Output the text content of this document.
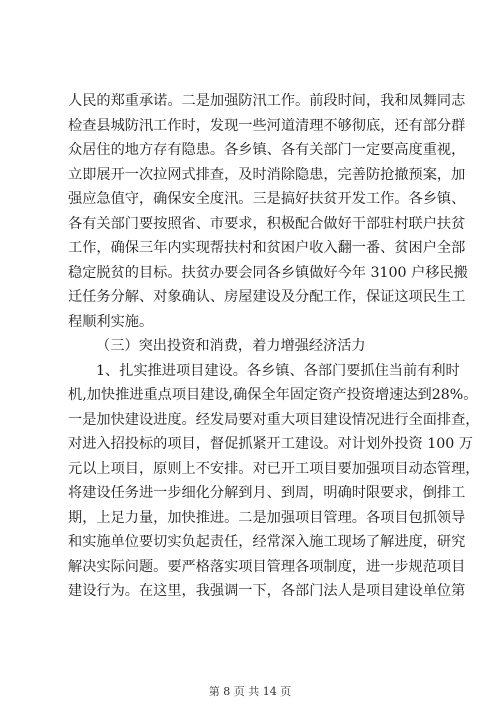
人民的郑重承诺。二是加强防汛工作。前段时间，我和凤舞同志
检查县城防汛工作时，发现一些河道清理不够彻底，还有部分群
众居住的地方存有隐患。各乡镇、各有关部门一定要高度重视，
立即展开一次拉网式排查，及时消除隐患，完善防抢撤预案，加
强应急值守，确保安全度汛。三是搞好扶贫开发工作。各乡镇、
各有关部门要按照省、市要求，积极配合做好干部驻村联户扶贫
工作，确保三年内实现帮扶村和贫困户收入翻一番、贫困户全部
稳定脱贫的目标。扶贫办要会同各乡镇做好今年 3100 户移民搬
迁任务分解、对象确认、房屋建设及分配工作，保证这项民生工
程顺利实施。
（三）突出投资和消费，着力增强经济活力
1、扎实推进项目建设。各乡镇、各部门要抓住当前有利时
机,加快推进重点项目建设,确保全年固定资产投资增速达到28%。
一是加快建设进度。经发局要对重大项目建设情况进行全面排查，
对进入招投标的项目，督促抓紧开工建设。对计划外投资 100 万
元以上项目，原则上不安排。对已开工项目要加强项目动态管理，
将建设任务进一步细化分解到月、到周，明确时限要求，倒排工
期，上足力量，加快推进。二是加强项目管理。各项目包抓领导
和实施单位要切实负起责任，经常深入施工现场了解进度，研究
解决实际问题。要严格落实项目管理各项制度，进一步规范项目
建设行为。在这里，我强调一下，各部门法人是项目建设单位第
第 8 页 共 14 页
